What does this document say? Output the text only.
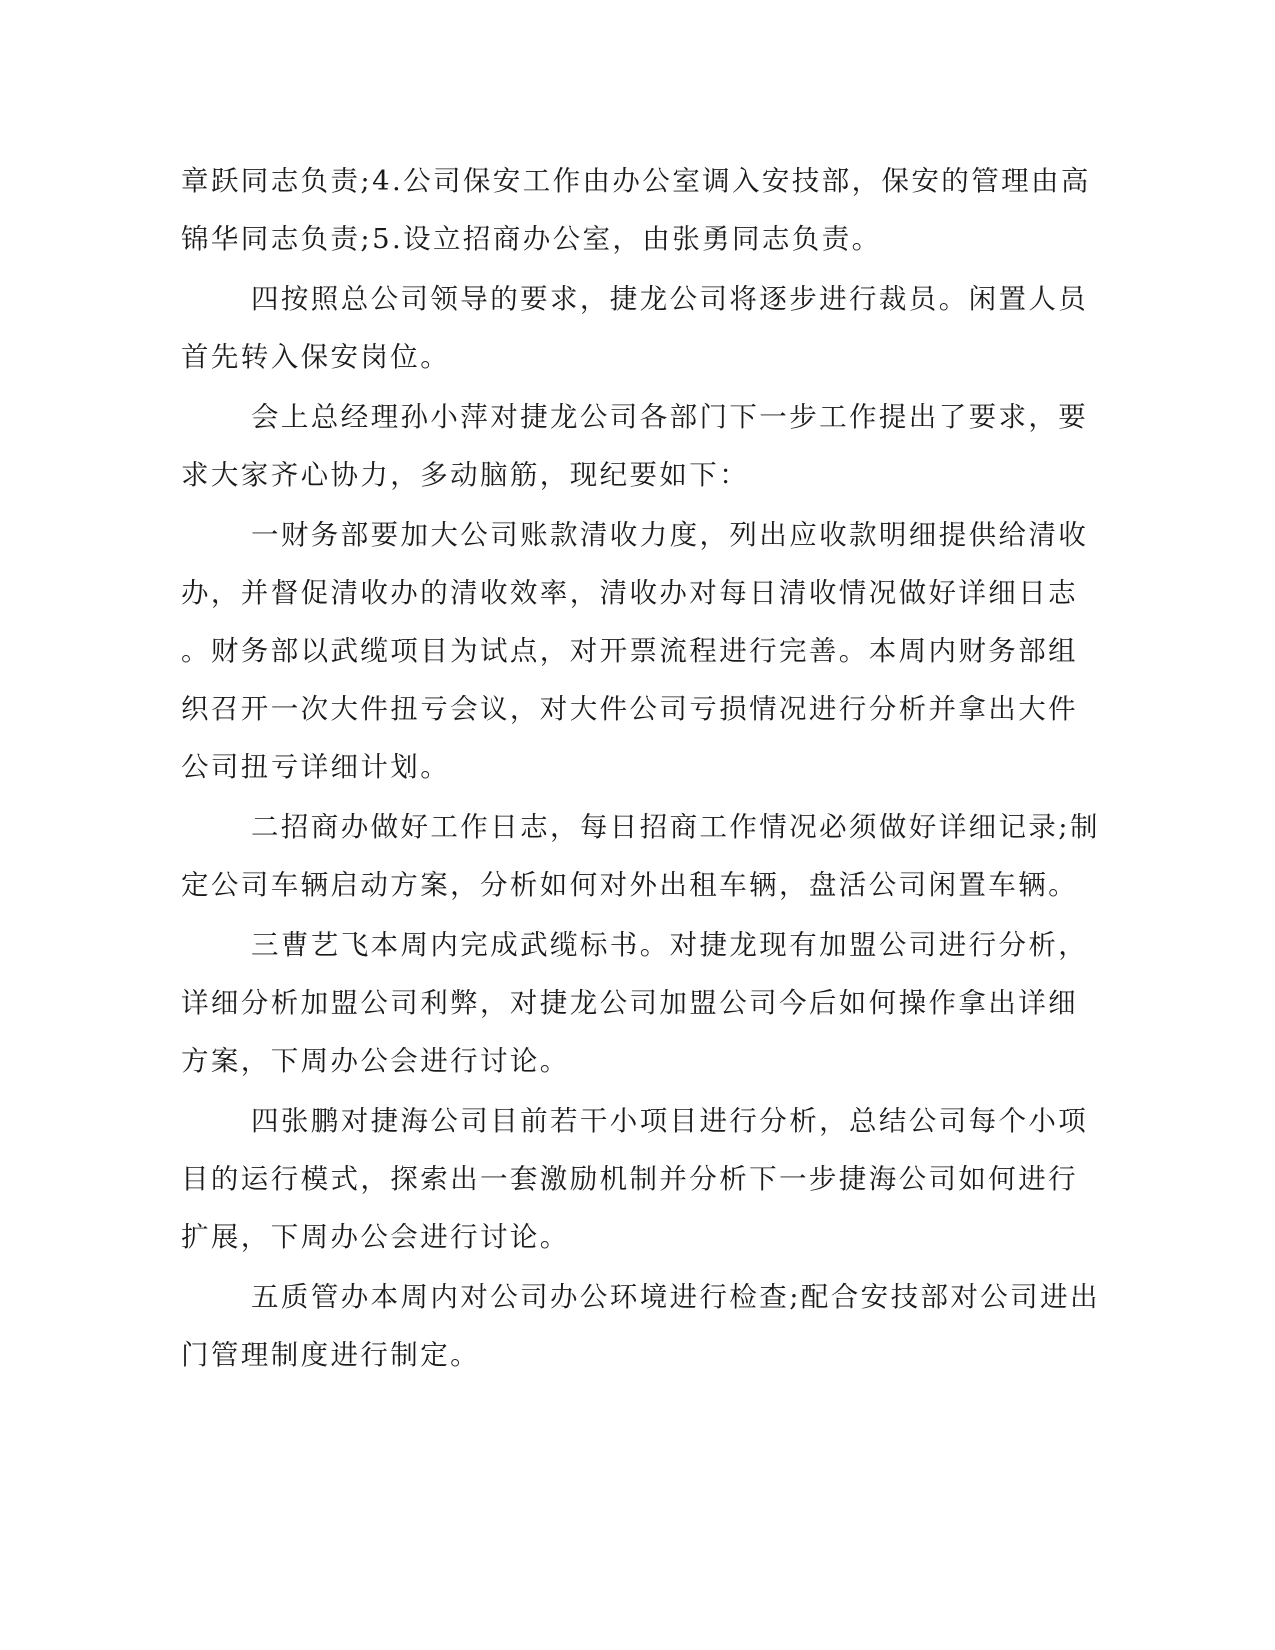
章跃同志负责;4.公司保安工作由办公室调入安技部，保安的管理由高
锦华同志负责;5.设立招商办公室，由张勇同志负责。
四按照总公司领导的要求，捷龙公司将逐步进行裁员。闲置人员
首先转入保安岗位。
会上总经理孙小萍对捷龙公司各部门下一步工作提出了要求，要
求大家齐心协力，多动脑筋，现纪要如下：
一财务部要加大公司账款清收力度，列出应收款明细提供给清收
办，并督促清收办的清收效率，清收办对每日清收情况做好详细日志
。财务部以武缆项目为试点，对开票流程进行完善。本周内财务部组
织召开一次大件扭亏会议，对大件公司亏损情况进行分析并拿出大件
公司扭亏详细计划。
二招商办做好工作日志，每日招商工作情况必须做好详细记录;制
定公司车辆启动方案，分析如何对外出租车辆，盘活公司闲置车辆。
三曹艺飞本周内完成武缆标书。对捷龙现有加盟公司进行分析，
详细分析加盟公司利弊，对捷龙公司加盟公司今后如何操作拿出详细
方案，下周办公会进行讨论。
四张鹏对捷海公司目前若干小项目进行分析，总结公司每个小项
目的运行模式，探索出一套激励机制并分析下一步捷海公司如何进行
扩展，下周办公会进行讨论。
五质管办本周内对公司办公环境进行检查;配合安技部对公司进出
门管理制度进行制定。
